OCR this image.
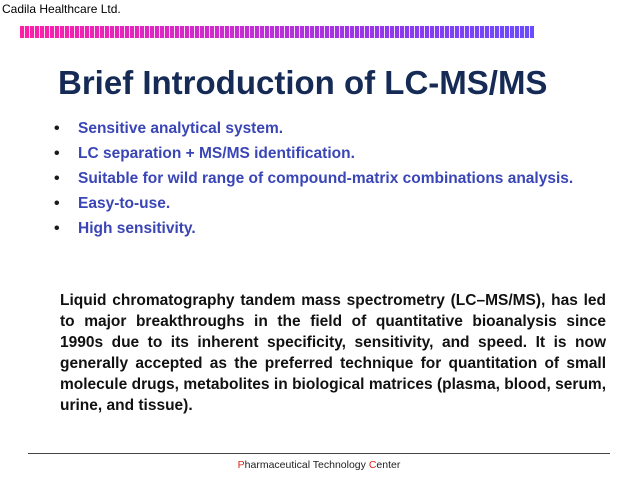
Cadila Healthcare Ltd.
Brief Introduction of LC-MS/MS
• Sensitive analytical system.
• LC separation + MS/MS identification.
• Suitable for wild range of compound-matrix combinations analysis.
• Easy-to-use.
• High sensitivity.
Liquid chromatography tandem mass spectrometry (LC–MS/MS), has led to major breakthroughs in the field of quantitative bioanalysis since 1990s due to its inherent specificity, sensitivity, and speed. It is now generally accepted as the preferred technique for quantitation of small molecule drugs, metabolites in biological matrices (plasma, blood, serum, urine, and tissue).
Pharmaceutical Technology Center
